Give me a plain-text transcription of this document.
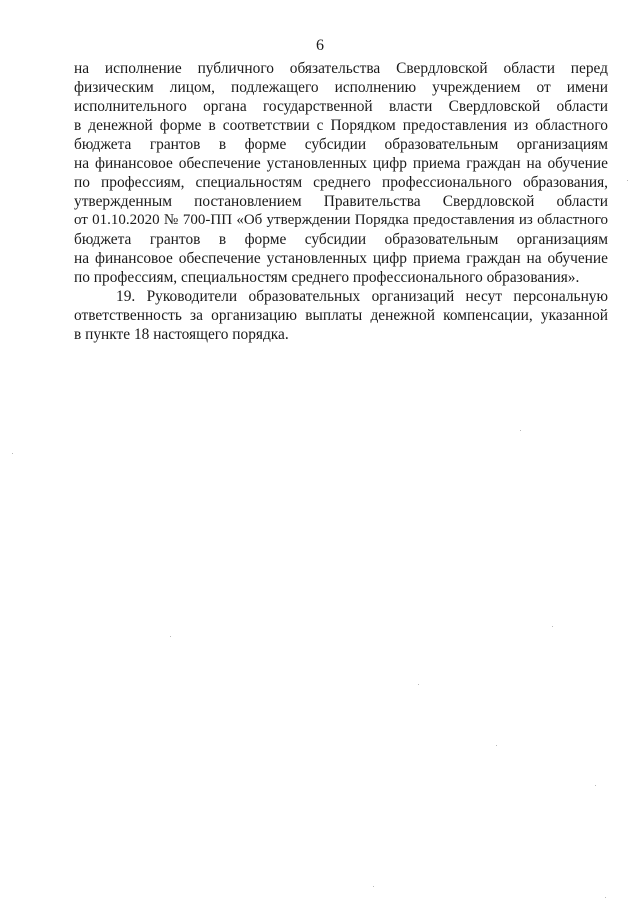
6
на исполнение публичного обязательства Свердловской области перед
физическим лицом, подлежащего исполнению учреждением от имени
исполнительного органа государственной власти Свердловской области
в денежной форме в соответствии с Порядком предоставления из областного
бюджета грантов в форме субсидии образовательным организациям
на финансовое обеспечение установленных цифр приема граждан на обучение
по профессиям, специальностям среднего профессионального образования,
утвержденным постановлением Правительства Свердловской области
от 01.10.2020 № 700-ПП «Об утверждении Порядка предоставления из областного
бюджета грантов в форме субсидии образовательным организациям
на финансовое обеспечение установленных цифр приема граждан на обучение
по профессиям, специальностям среднего профессионального образования».
19. Руководители образовательных организаций несут персональную
ответственность за организацию выплаты денежной компенсации, указанной
в пункте 18 настоящего порядка.
